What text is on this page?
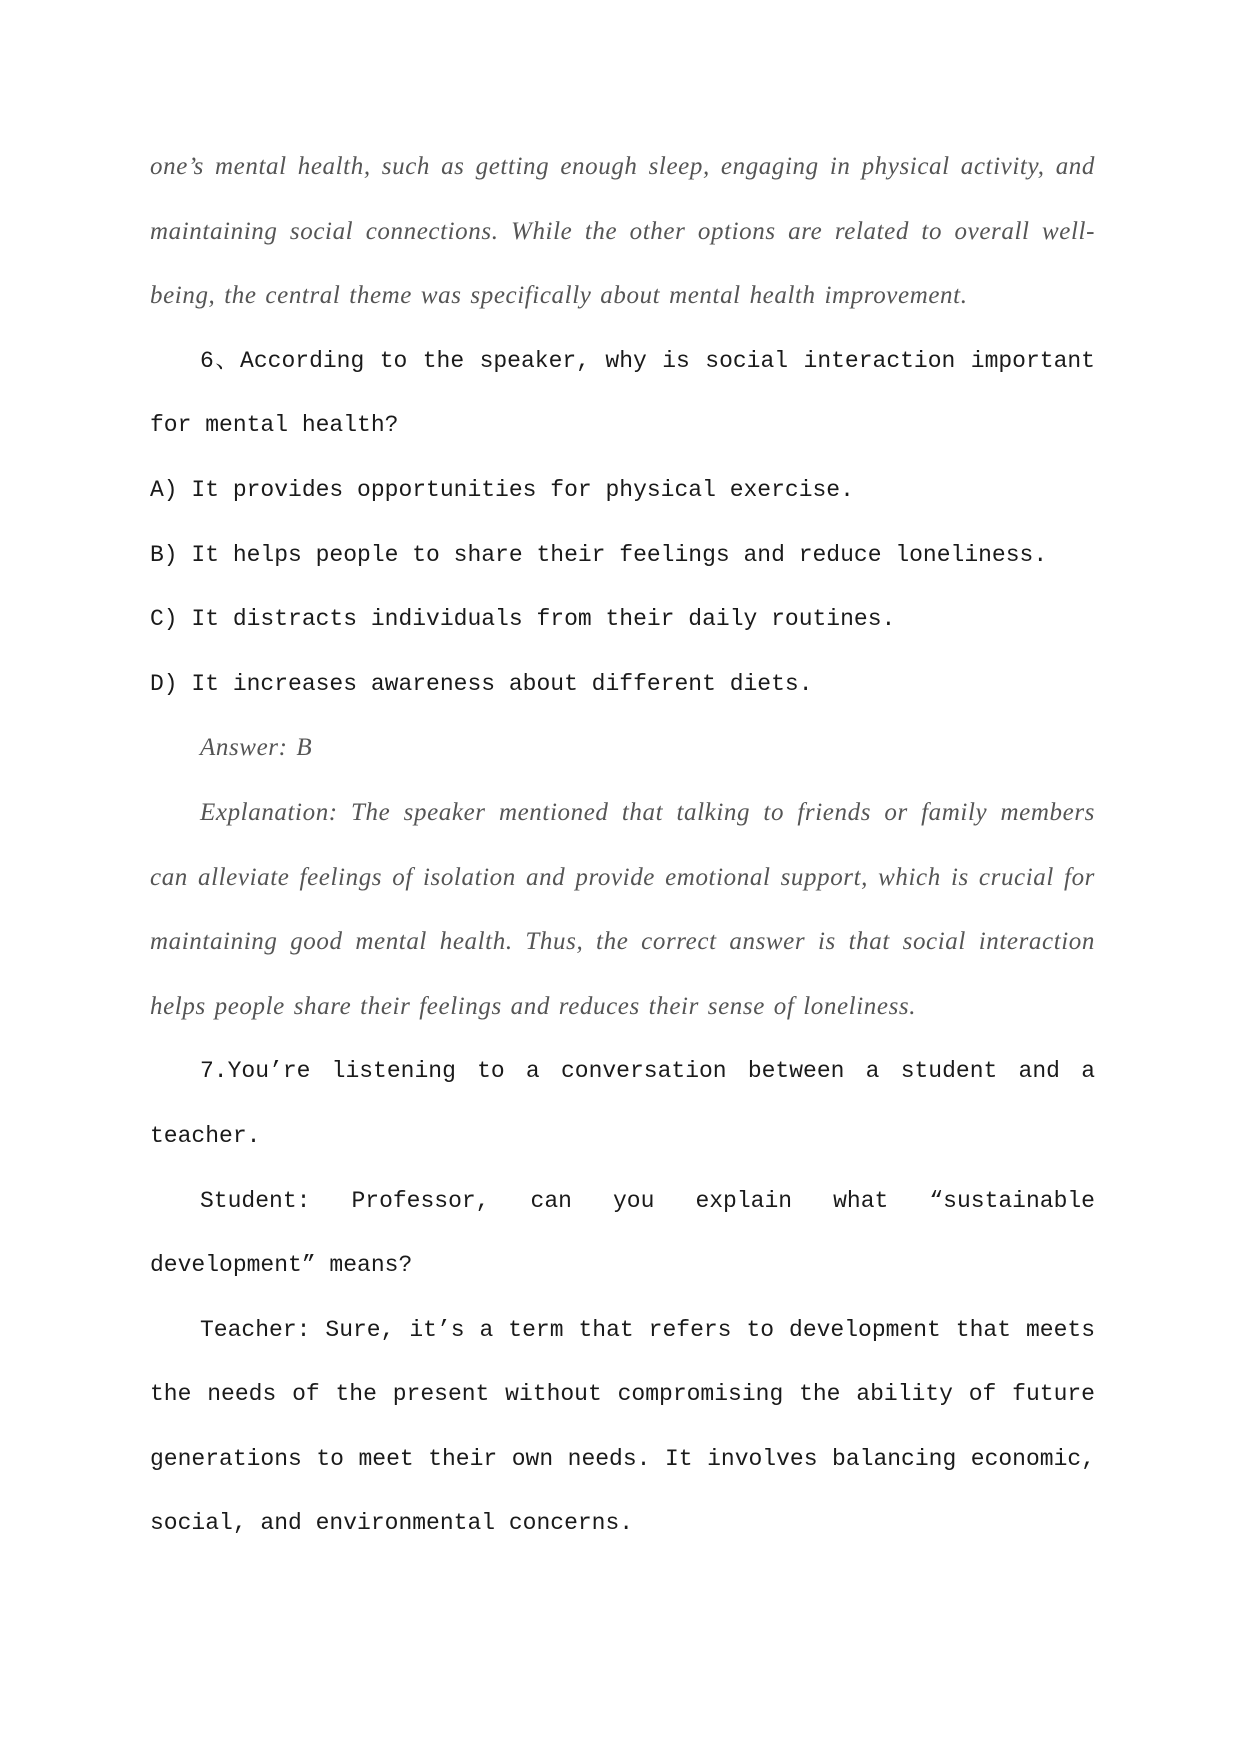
one’s mental health, such as getting enough sleep, engaging in physical activity, and maintaining social connections. While the other options are related to overall well-being, the central theme was specifically about mental health improvement.

6、According to the speaker, why is social interaction important for mental health?

A) It provides opportunities for physical exercise.

B) It helps people to share their feelings and reduce loneliness.

C) It distracts individuals from their daily routines.

D) It increases awareness about different diets.

Answer: B

Explanation: The speaker mentioned that talking to friends or family members can alleviate feelings of isolation and provide emotional support, which is crucial for maintaining good mental health. Thus, the correct answer is that social interaction helps people share their feelings and reduces their sense of loneliness.

7.You’re listening to a conversation between a student and a teacher.

Student: Professor, can you explain what “sustainable development” means?

Teacher: Sure, it’s a term that refers to development that meets the needs of the present without compromising the ability of future generations to meet their own needs. It involves balancing economic, social, and environmental concerns.
